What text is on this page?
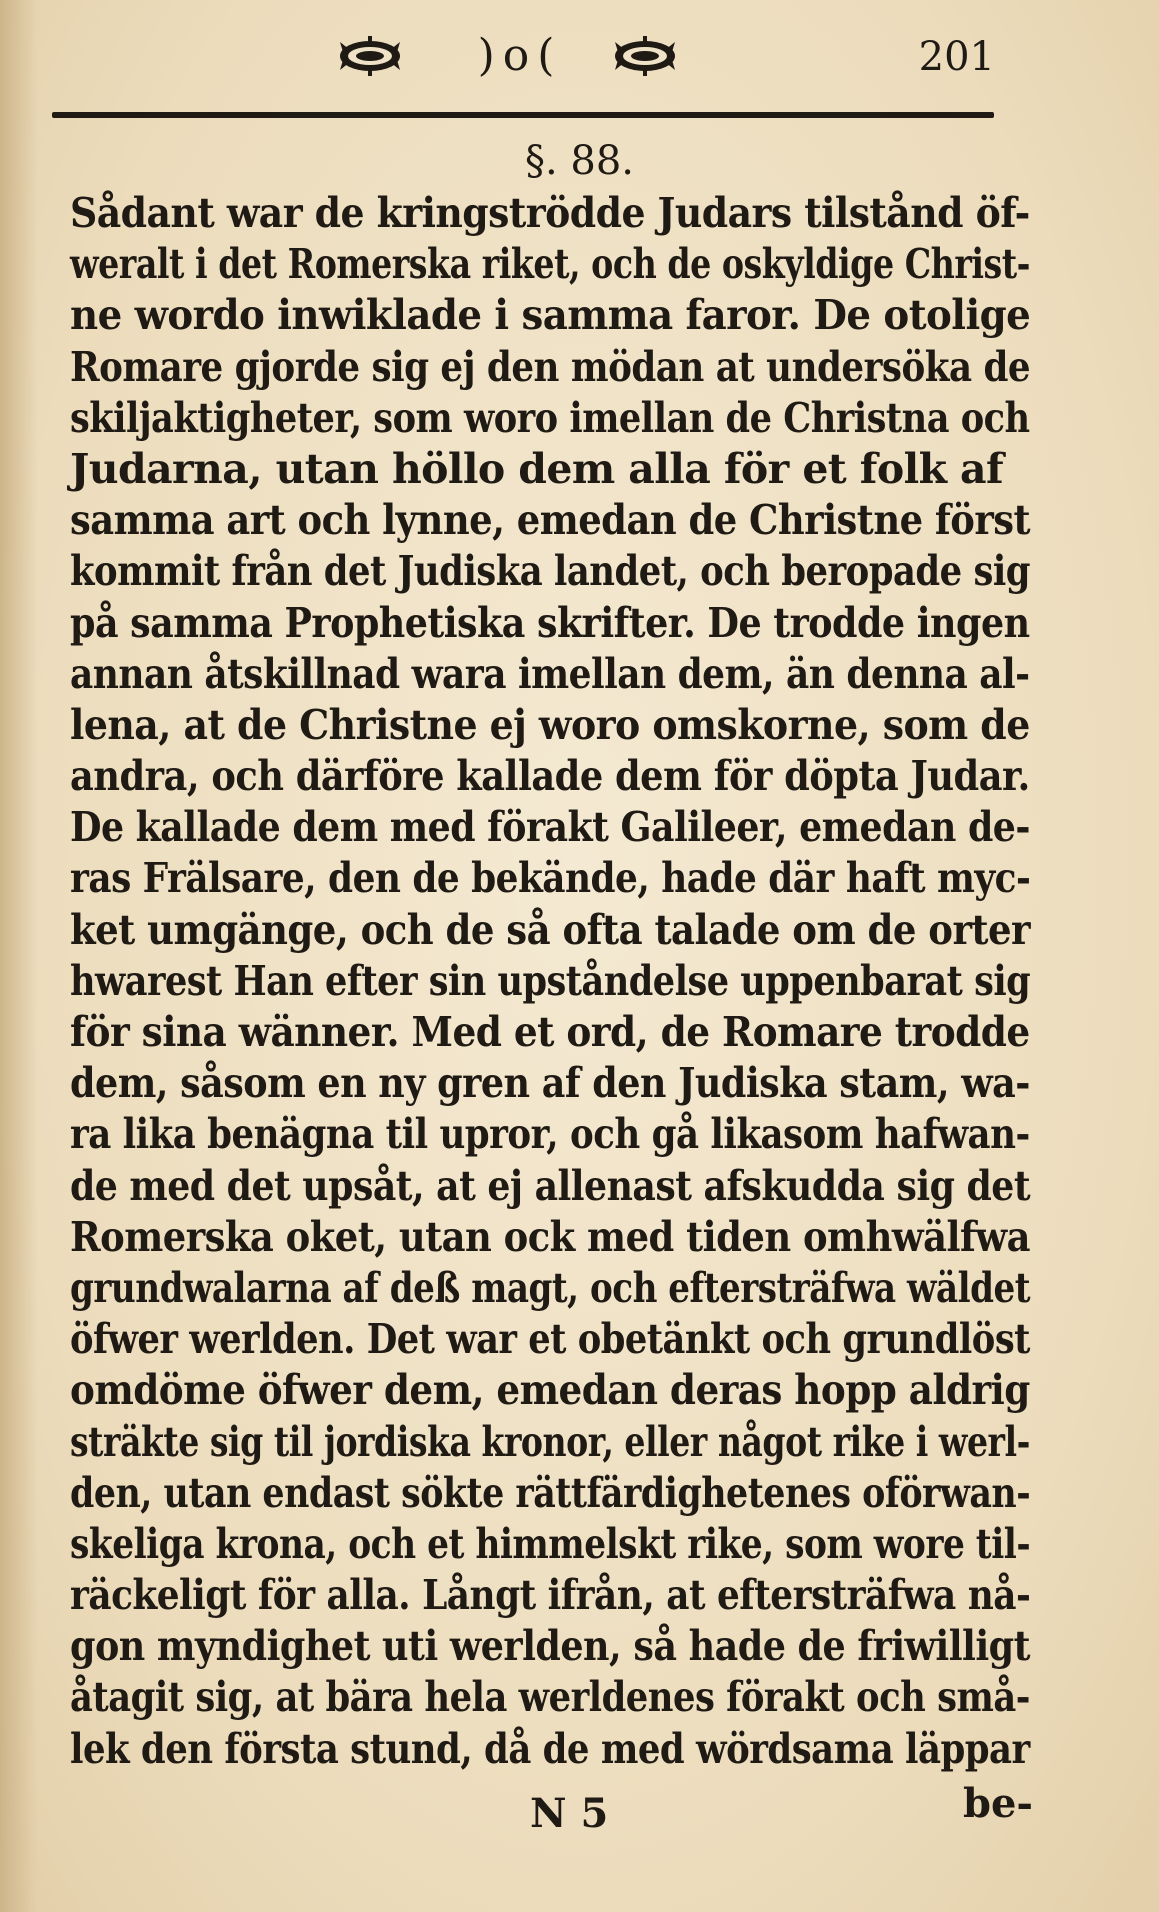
)o(	201
§. 88.
Sådant war de kringströdde Judars tilstånd öf-
weralt i det Romerska riket, och de oskyldige Christ-
ne wordo inwiklade i samma faror. De otolige
Romare gjorde sig ej den mödan at undersöka de
skiljaktigheter, som woro imellan de Christna och
Judarna, utan höllo dem alla för et folk af
samma art och lynne, emedan de Christne först
kommit från det Judiska landet, och beropade sig
på samma Prophetiska skrifter. De trodde ingen
annan åtskillnad wara imellan dem, än denna al-
lena, at de Christne ej woro omskorne, som de
andra, och därföre kallade dem för döpta Judar.
De kallade dem med förakt Galileer, emedan de-
ras Frälsare, den de bekände, hade där haft myc-
ket umgänge, och de så ofta talade om de orter
hwarest Han efter sin upståndelse uppenbarat sig
för sina wänner. Med et ord, de Romare trodde
dem, såsom en ny gren af den Judiska stam, wa-
ra lika benägna til upror, och gå likasom hafwan-
de med det upsåt, at ej allenast afskudda sig det
Romerska oket, utan ock med tiden omhwälfwa
grundwalarna af deß magt, och eftersträfwa wäldet
öfwer werlden. Det war et obetänkt och grundlöst
omdöme öfwer dem, emedan deras hopp aldrig
sträkte sig til jordiska kronor, eller något rike i werl-
den, utan endast sökte rättfärdighetenes oförwan-
skeliga krona, och et himmelskt rike, som wore til-
räckeligt för alla. Långt ifrån, at eftersträfwa nå-
gon myndighet uti werlden, så hade de friwilligt
åtagit sig, at bära hela werldenes förakt och små-
lek den första stund, då de med wördsama läppar
N 5	be-
